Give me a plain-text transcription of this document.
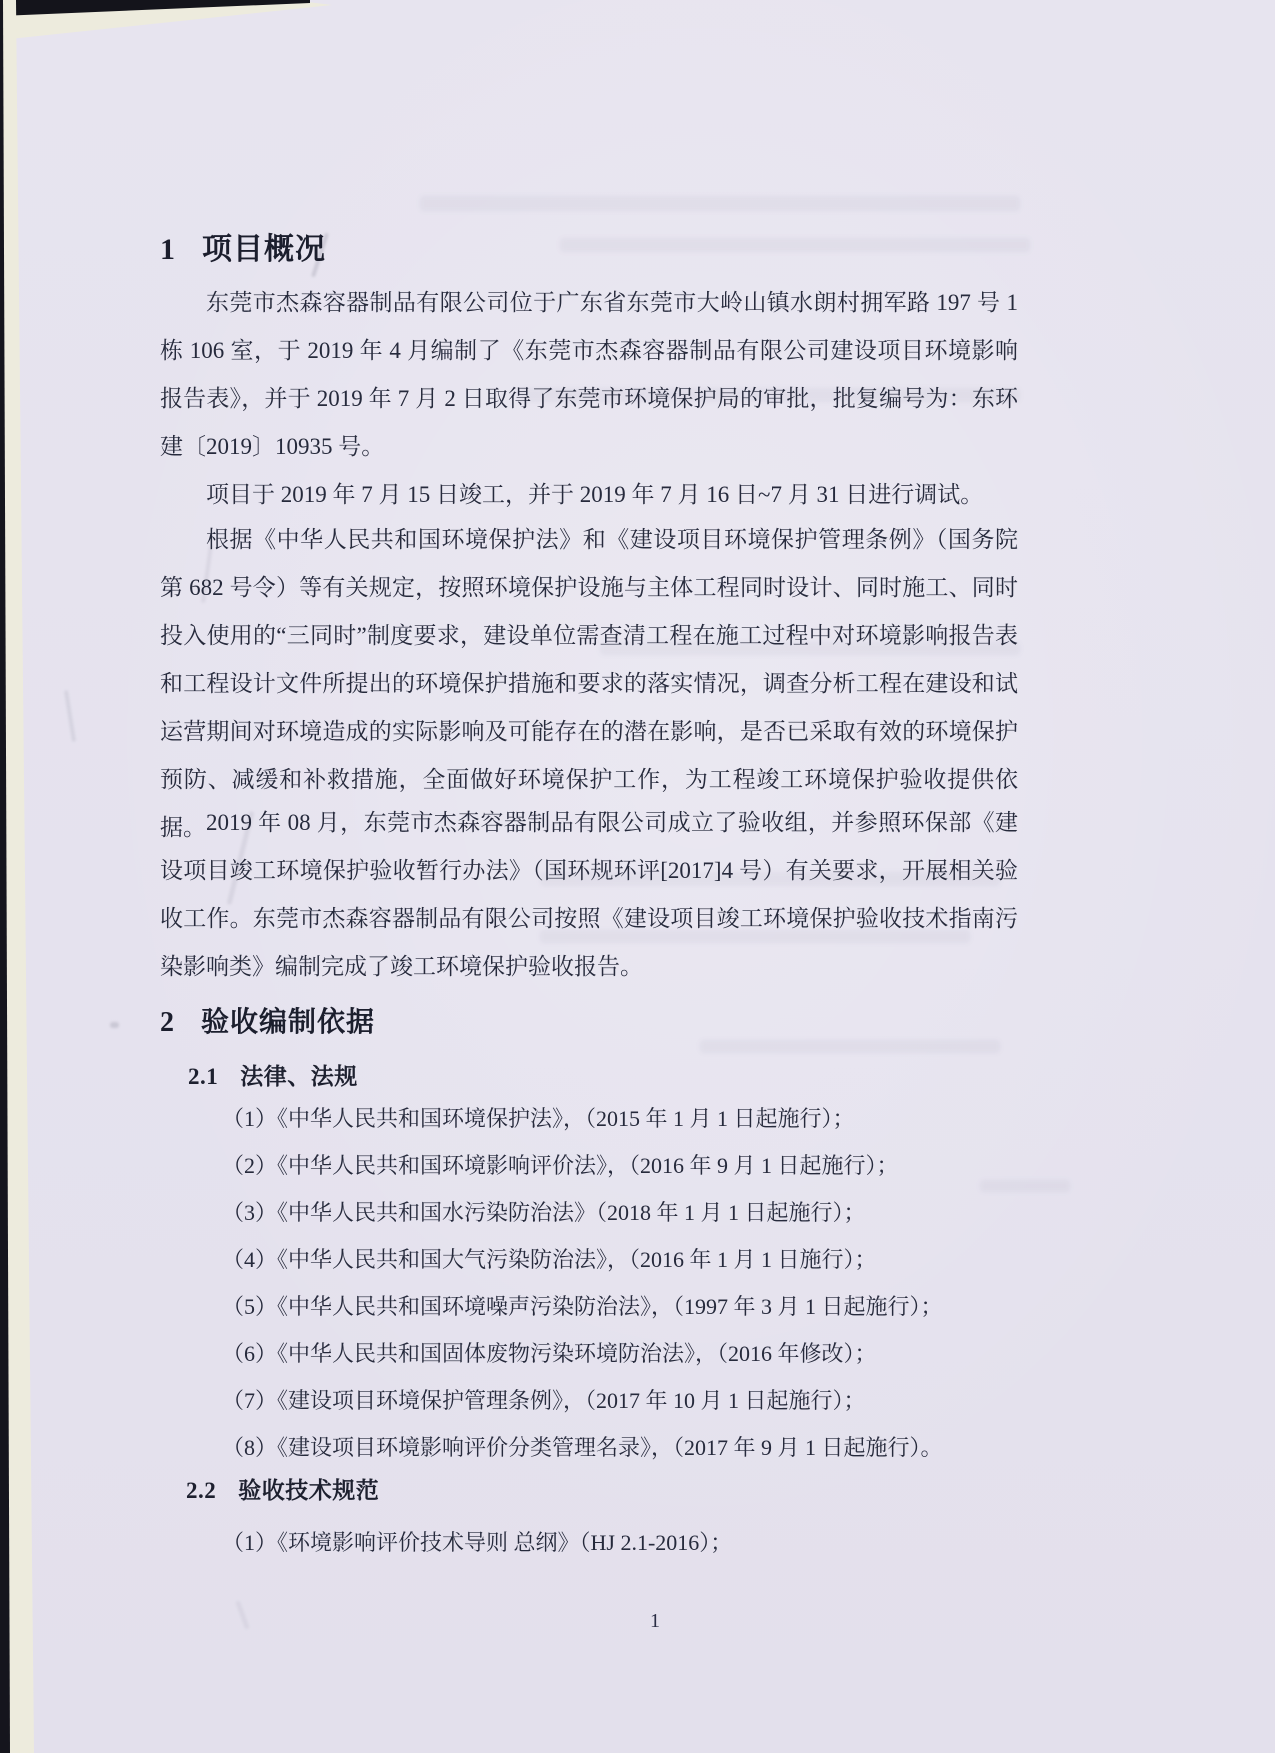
1 项目概况
东莞市杰森容器制品有限公司位于广东省东莞市大岭山镇水朗村拥军路 197 号 1 栋 106 室，于 2019 年 4 月编制了《东莞市杰森容器制品有限公司建设项目环境影响报告表》，并于 2019 年 7 月 2 日取得了东莞市环境保护局的审批，批复编号为：东环建〔2019〕10935 号。
项目于 2019 年 7 月 15 日竣工，并于 2019 年 7 月 16 日~7 月 31 日进行调试。
根据《中华人民共和国环境保护法》和《建设项目环境保护管理条例》（国务院第 682 号令）等有关规定，按照环境保护设施与主体工程同时设计、同时施工、同时投入使用的“三同时”制度要求，建设单位需查清工程在施工过程中对环境影响报告表和工程设计文件所提出的环境保护措施和要求的落实情况，调查分析工程在建设和试运营期间对环境造成的实际影响及可能存在的潜在影响，是否已采取有效的环境保护预防、减缓和补救措施，全面做好环境保护工作，为工程竣工环境保护验收提供依据。 2019 年 08 月，东莞市杰森容器制品有限公司成立了验收组，并参照环保部《建设项目竣工环境保护验收暂行办法》（国环规环评[2017]4 号）有关要求，开展相关验收工作。东莞市杰森容器制品有限公司按照《建设项目竣工环境保护验收技术指南污染影响类》编制完成了竣工环境保护验收报告。
2 验收编制依据
2.1 法律、法规
（1）《中华人民共和国环境保护法》，（2015 年 1 月 1 日起施行）；
（2）《中华人民共和国环境影响评价法》，（2016 年 9 月 1 日起施行）；
（3）《中华人民共和国水污染防治法》（2018 年 1 月 1 日起施行）；
（4）《中华人民共和国大气污染防治法》，（2016 年 1 月 1 日施行）；
（5）《中华人民共和国环境噪声污染防治法》，（1997 年 3 月 1 日起施行）；
（6）《中华人民共和国固体废物污染环境防治法》，（2016 年修改）；
（7）《建设项目环境保护管理条例》，（2017 年 10 月 1 日起施行）；
（8）《建设项目环境影响评价分类管理名录》，（2017 年 9 月 1 日起施行）。
2.2 验收技术规范
（1）《环境影响评价技术导则 总纲》（HJ 2.1-2016）；
1
